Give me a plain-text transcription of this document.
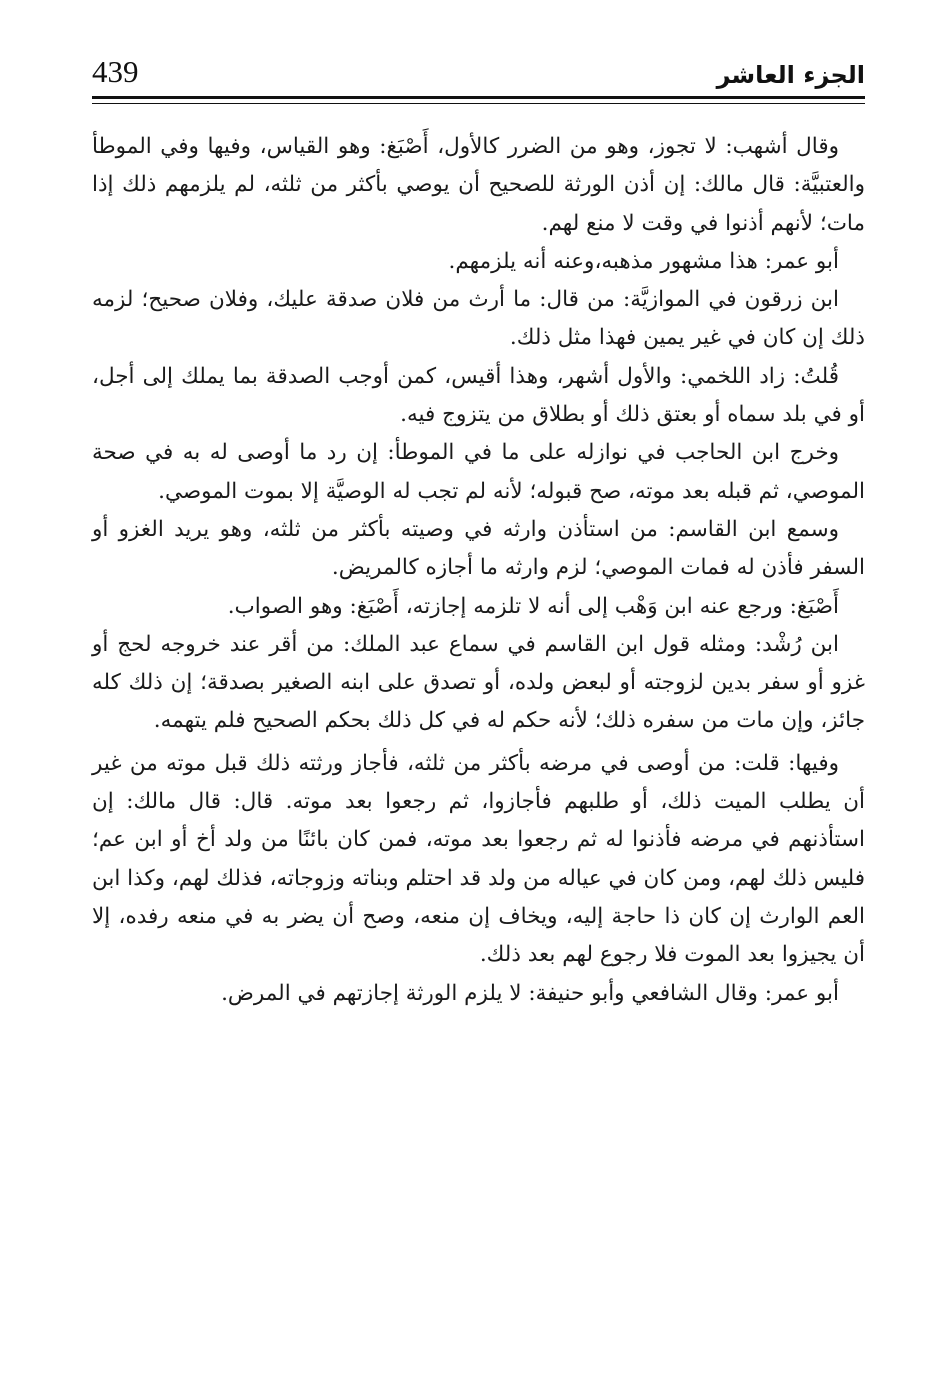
439	الجزء العاشر

وقال أشهب: لا تجوز، وهو من الضرر كالأول، أَصْبَغ: وهو القياس، وفيها وفي الموطأ والعتبيَّة: قال مالك: إن أذن الورثة للصحيح أن يوصي بأكثر من ثلثه، لم يلزمهم ذلك إذا مات؛ لأنهم أذنوا في وقت لا منع لهم.

أبو عمر: هذا مشهور مذهبه،وعنه أنه يلزمهم.

ابن زرقون في الموازيَّة: من قال: ما أرث من فلان صدقة عليك، وفلان صحيح؛ لزمه ذلك إن كان في غير يمين فهذا مثل ذلك.

قُلتُ: زاد اللخمي: والأول أشهر، وهذا أقيس، كمن أوجب الصدقة بما يملك إلى أجل، أو في بلد سماه أو بعتق ذلك أو بطلاق من يتزوج فيه.

وخرج ابن الحاجب في نوازله على ما في الموطأ: إن رد ما أوصى له به في صحة الموصي، ثم قبله بعد موته، صح قبوله؛ لأنه لم تجب له الوصيَّة إلا بموت الموصي.

وسمع ابن القاسم: من استأذن وارثه في وصيته بأكثر من ثلثه، وهو يريد الغزو أو السفر فأذن له فمات الموصي؛ لزم وارثه ما أجازه كالمريض.

أَصْبَغ: ورجع عنه ابن وَهْب إلى أنه لا تلزمه إجازته، أَصْبَغ: وهو الصواب.

ابن رُشْد: ومثله قول ابن القاسم في سماع عبد الملك: من أقر عند خروجه لحج أو غزو أو سفر بدين لزوجته أو لبعض ولده، أو تصدق على ابنه الصغير بصدقة؛ إن ذلك كله جائز، وإن مات من سفره ذلك؛ لأنه حكم له في كل ذلك بحكم الصحيح فلم يتهمه.

وفيها: قلت: من أوصى في مرضه بأكثر من ثلثه، فأجاز ورثته ذلك قبل موته من غير أن يطلب الميت ذلك، أو طلبهم فأجازوا، ثم رجعوا بعد موته. قال: قال مالك: إن استأذنهم في مرضه فأذنوا له ثم رجعوا بعد موته، فمن كان بائنًا من ولد أخ أو ابن عم؛ فليس ذلك لهم، ومن كان في عياله من ولد قد احتلم وبناته وزوجاته، فذلك لهم، وكذا ابن العم الوارث إن كان ذا حاجة إليه، ويخاف إن منعه، وصح أن يضر به في منعه رفده، إلا أن يجيزوا بعد الموت فلا رجوع لهم بعد ذلك.

أبو عمر: وقال الشافعي وأبو حنيفة: لا يلزم الورثة إجازتهم في المرض.
